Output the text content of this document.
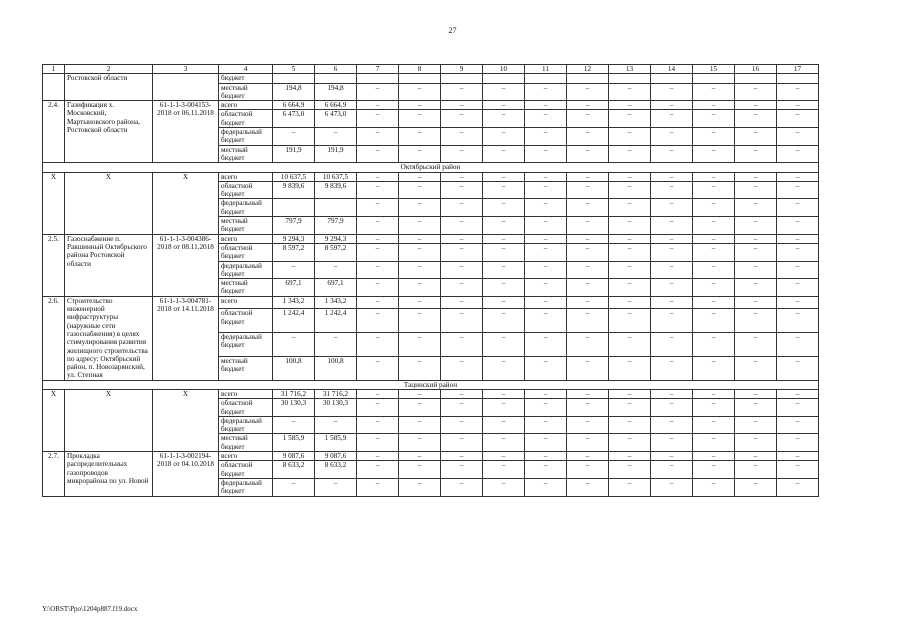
27
1	2	3	4	5	6	7	8	9	10	11	12	13	14	15	16	17
	Ростовской области		бюджет													
			местный бюджет	194,8	194,8	–	–	–	–	–	–	–	–	–	–	–
2.4.	Газификация х. Московский, Мартыновского района, Ростовской области	61-1-1-3-004153-2018 от 06.11.2018	всего	6 664,9	6 664,9	–	–	–	–	–	–	–	–	–	–	–
			областной бюджет	6 473,0	6 473,0	–	–	–	–	–	–	–	–	–	–	–
			федеральный бюджет	–	–	–	–	–	–	–	–	–	–	–	–	–
			местный бюджет	191,9	191,9	–	–	–	–	–	–	–	–	–	–	–
Октябрьский район																
X	X	X	всего	10 637,5	10 637,5	–	–	–	–	–	–	–	–	–	–	–
			областной бюджет	9 839,6	9 839,6	–	–	–	–	–	–	–	–	–	–	–
			федеральный бюджет			–	–	–	–	–	–	–	–	–	–	–
			местный бюджет	797,9	797,9	–	–	–	–	–	–	–	–	–	–	–
2.5.	Газоснабжение п. Равшинный Октябрьского района Ростовской области	61-1-1-3-004386-2018 от 08.11.2018	всего	9 294,3	9 294,3	–	–	–	–	–	–	–	–	–	–	–
			областной бюджет	8 597,2	8 597,2	–	–	–	–	–	–	–	–	–	–	–
			федеральный бюджет	–	–	–	–	–	–	–	–	–	–	–	–	–
			местный бюджет	697,1	697,1	–	–	–	–	–	–	–	–	–	–	–
2.6.	Строительство инженерной инфраструктуры (наружные сети газоснабжения) в целях стимулирования развития жилищного строительства по адресу: Октябрьский район, п. Новозарянский, ул. Степная	61-1-1-3-004781-2018 от 14.11.2018	всего	1 343,2	1 343,2	–	–	–	–	–	–	–	–	–	–	–
			областной бюджет	1 242,4	1 242,4	–	–	–	–	–	–	–	–	–	–	–
			федеральный бюджет	–	–	–	–	–	–	–	–	–	–	–	–	–
			местный бюджет	100,8	100,8	–	–	–	–	–	–	–	–	–	–	–
Тацинский район																
X	X	X	всего	31 716,2	31 716,2	–	–	–	–	–	–	–	–	–	–	–
			областной бюджет	30 130,3	30 130,3	–	–	–	–	–	–	–	–	–	–	–
			федеральный бюджет	–	–	–	–	–	–	–	–	–	–	–	–	–
			местный бюджет	1 585,9	1 585,9	–	–	–	–	–	–	–	–	–	–	–
2.7.	Прокладка распределительных газопроводов микрорайона по ул. Новой	61-1-1-3-002194-2018 от 04.10.2018	всего	9 087,6	9 087,6	–	–	–	–	–	–	–	–	–	–	–
			областной бюджет	8 633,2	8 633,2	–	–	–	–	–	–	–	–	–	–	–
			федеральный бюджет	–	–	–	–	–	–	–	–	–	–	–	–	–
Y:\ORST\Ppo\1204p887.f19.docx
